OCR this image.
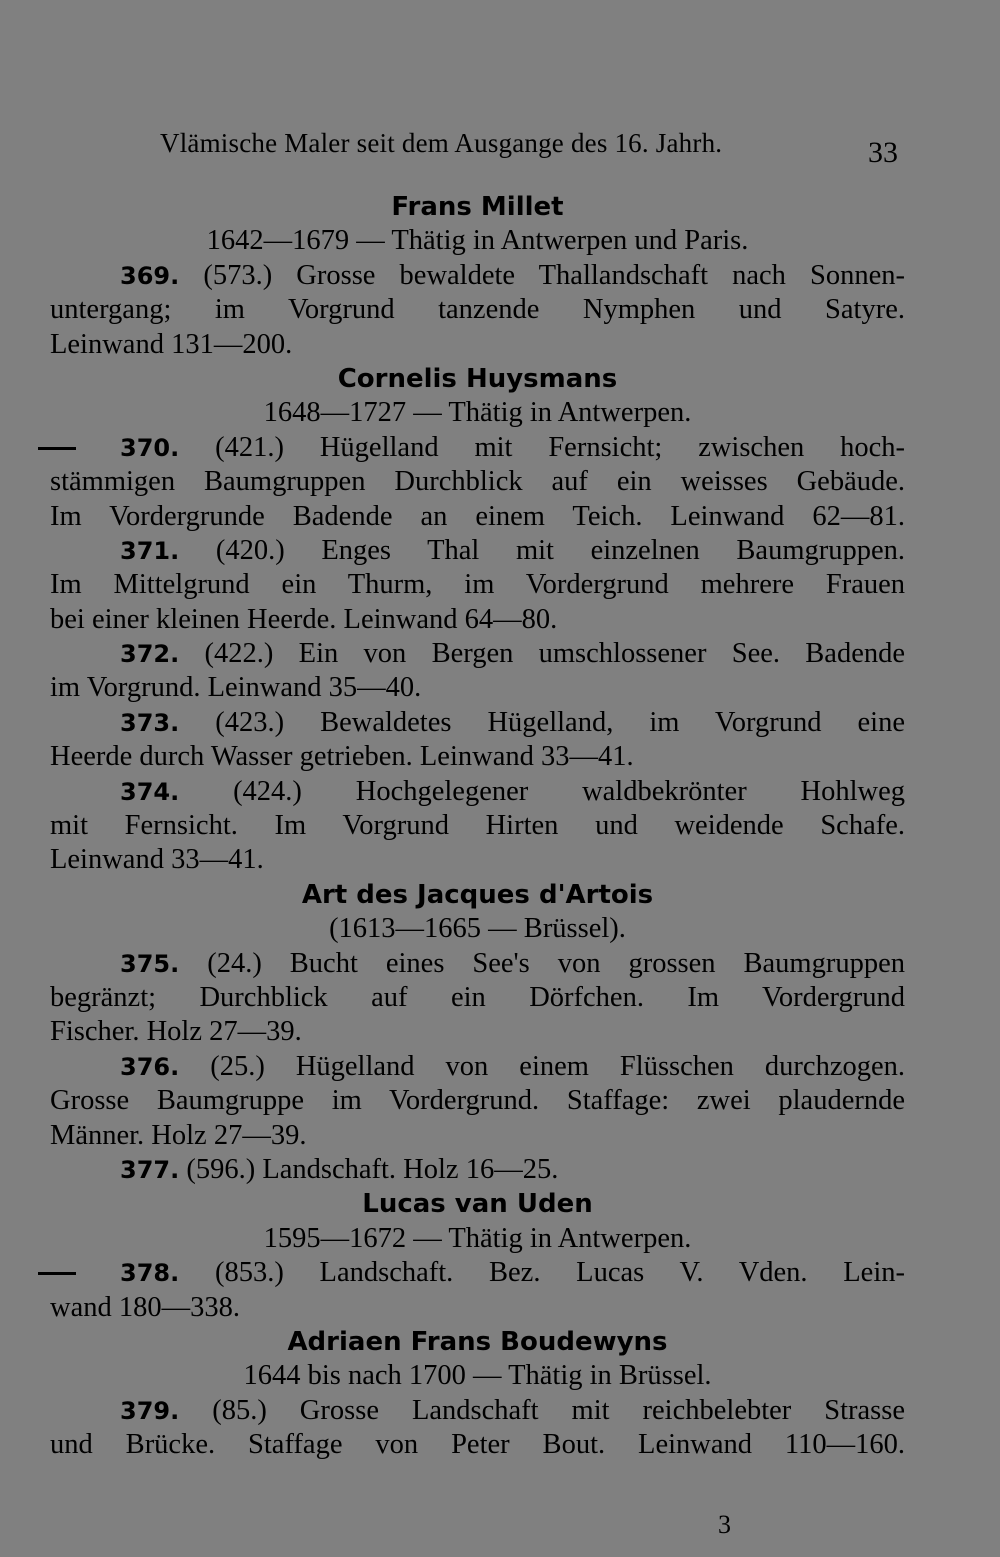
Vlämische Maler seit dem Ausgange des 16. Jahrh.	33
Frans Millet
1642—1679 — Thätig in Antwerpen und Paris.
369. (573.) Grosse bewaldete Thallandschaft nach Sonnen-
untergang; im Vorgrund tanzende Nymphen und Satyre.
Leinwand 131—200.
Cornelis Huysmans
1648—1727 — Thätig in Antwerpen.
370. (421.) Hügelland mit Fernsicht; zwischen hoch-
stämmigen Baumgruppen Durchblick auf ein weisses Gebäude.
Im Vordergrunde Badende an einem Teich. Leinwand 62—81.
371. (420.) Enges Thal mit einzelnen Baumgruppen.
Im Mittelgrund ein Thurm, im Vordergrund mehrere Frauen
bei einer kleinen Heerde. Leinwand 64—80.
372. (422.) Ein von Bergen umschlossener See. Badende
im Vorgrund. Leinwand 35—40.
373. (423.) Bewaldetes Hügelland, im Vorgrund eine
Heerde durch Wasser getrieben. Leinwand 33—41.
374. (424.) Hochgelegener waldbekrönter Hohlweg
mit Fernsicht. Im Vorgrund Hirten und weidende Schafe.
Leinwand 33—41.
Art des Jacques d'Artois
(1613—1665 — Brüssel).
375. (24.) Bucht eines See's von grossen Baumgruppen
begränzt; Durchblick auf ein Dörfchen. Im Vordergrund
Fischer. Holz 27—39.
376. (25.) Hügelland von einem Flüsschen durchzogen.
Grosse Baumgruppe im Vordergrund. Staffage: zwei plaudernde
Männer. Holz 27—39.
377. (596.) Landschaft. Holz 16—25.
Lucas van Uden
1595—1672 — Thätig in Antwerpen.
378. (853.) Landschaft. Bez. Lucas V. Vden. Lein-
wand 180—338.
Adriaen Frans Boudewyns
1644 bis nach 1700 — Thätig in Brüssel.
379. (85.) Grosse Landschaft mit reichbelebter Strasse
und Brücke. Staffage von Peter Bout. Leinwand 110—160.
3
